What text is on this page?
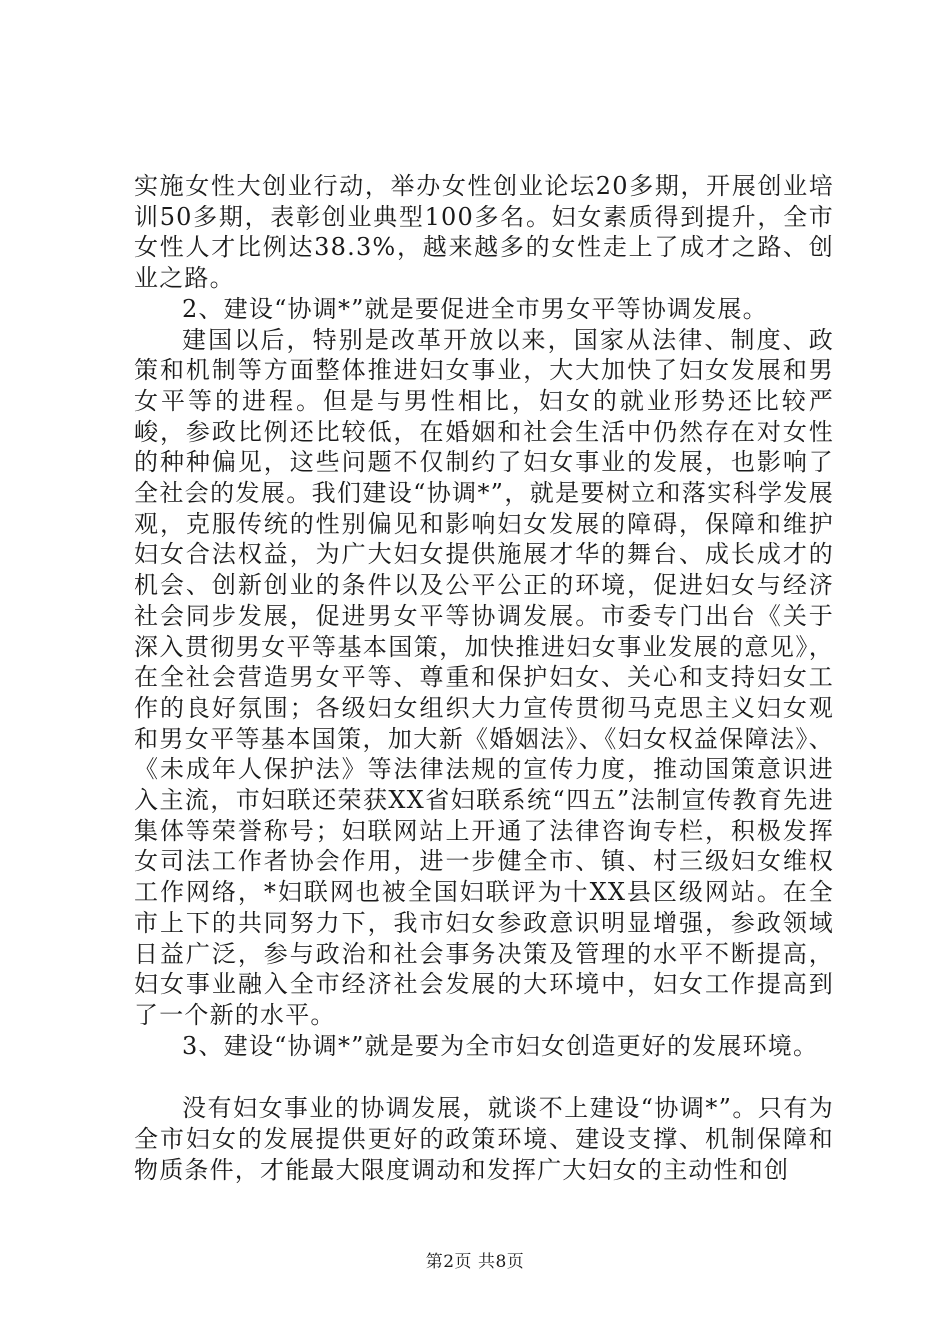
实施女性大创业行动，举办女性创业论坛20多期，开展创业培训50多期，表彰创业典型100多名。妇女素质得到提升，全市女性人才比例达38.3%，越来越多的女性走上了成才之路、创业之路。

2、建设“协调*”就是要促进全市男女平等协调发展。

建国以后，特别是改革开放以来，国家从法律、制度、政策和机制等方面整体推进妇女事业，大大加快了妇女发展和男女平等的进程。但是与男性相比，妇女的就业形势还比较严峻，参政比例还比较低，在婚姻和社会生活中仍然存在对女性的种种偏见，这些问题不仅制约了妇女事业的发展，也影响了全社会的发展。我们建设“协调*”，就是要树立和落实科学发展观，克服传统的性别偏见和影响妇女发展的障碍，保障和维护妇女合法权益，为广大妇女提供施展才华的舞台、成长成才的机会、创新创业的条件以及公平公正的环境，促进妇女与经济社会同步发展，促进男女平等协调发展。市委专门出台《关于深入贯彻男女平等基本国策，加快推进妇女事业发展的意见》，在全社会营造男女平等、尊重和保护妇女、关心和支持妇女工作的良好氛围；各级妇女组织大力宣传贯彻马克思主义妇女观和男女平等基本国策，加大新《婚姻法》、《妇女权益保障法》、《未成年人保护法》等法律法规的宣传力度，推动国策意识进入主流，市妇联还荣获XX省妇联系统“四五”法制宣传教育先进集体等荣誉称号；妇联网站上开通了法律咨询专栏，积极发挥女司法工作者协会作用，进一步健全市、镇、村三级妇女维权工作网络，*妇联网也被全国妇联评为十XX县区级网站。在全市上下的共同努力下，我市妇女参政意识明显增强，参政领域日益广泛，参与政治和社会事务决策及管理的水平不断提高，妇女事业融入全市经济社会发展的大环境中，妇女工作提高到了一个新的水平。

3、建设“协调*”就是要为全市妇女创造更好的发展环境。

没有妇女事业的协调发展，就谈不上建设“协调*”。只有为全市妇女的发展提供更好的政策环境、建设支撑、机制保障和物质条件，才能最大限度调动和发挥广大妇女的主动性和创

第2页 共8页
